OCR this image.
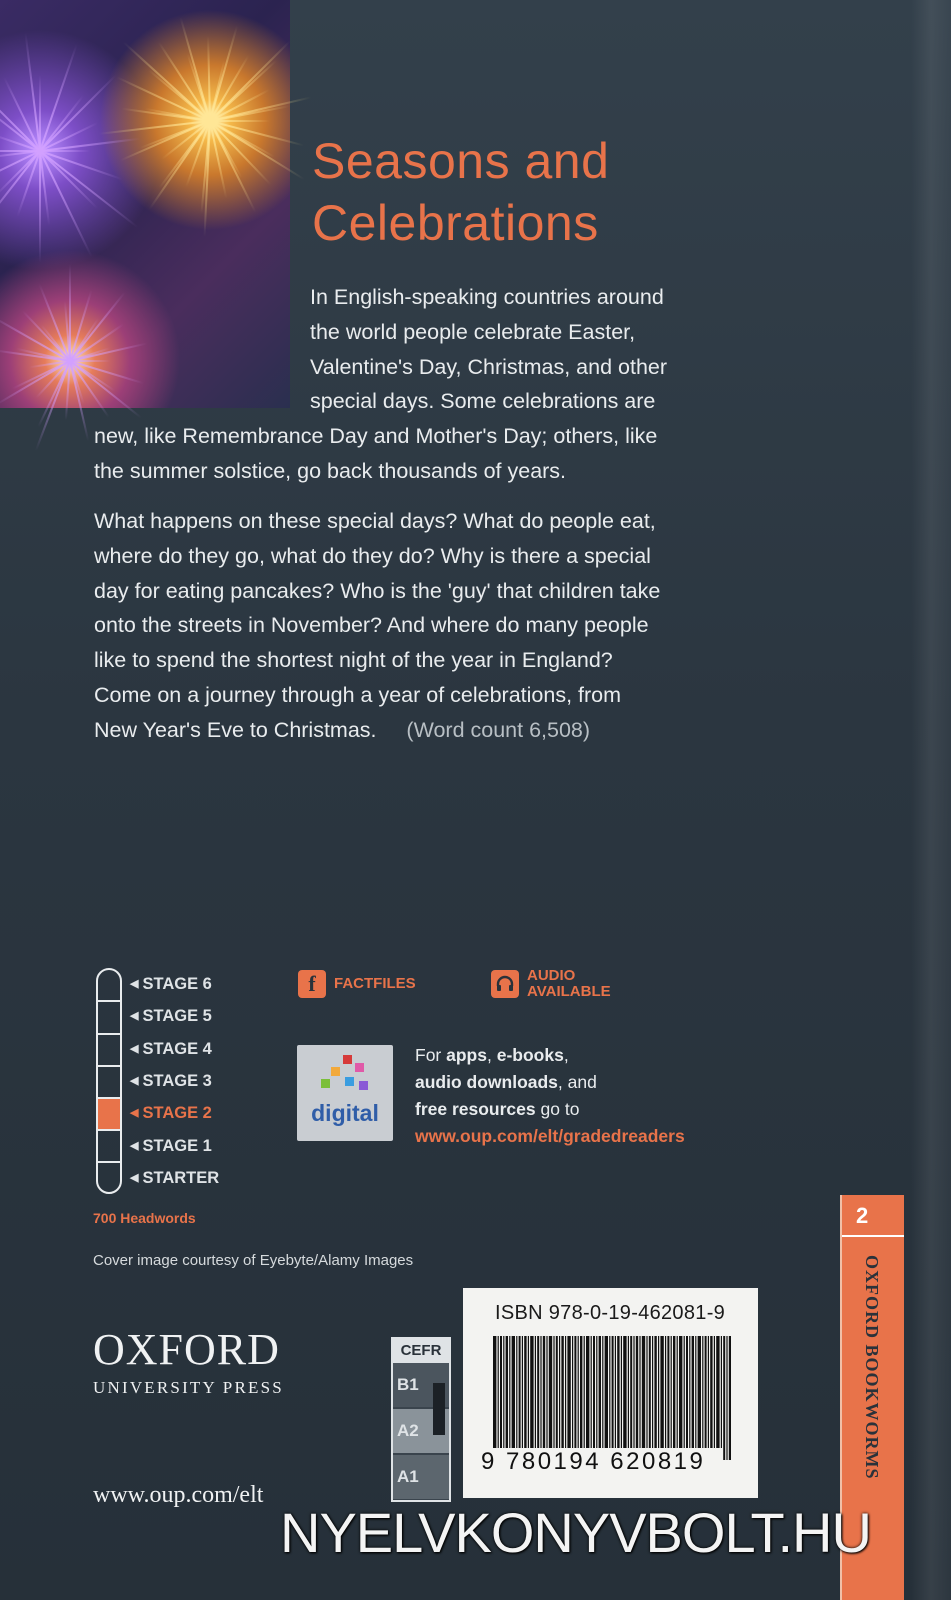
Seasons and
Celebrations
In English-speaking countries around
the world people celebrate Easter,
Valentine's Day, Christmas, and other
special days. Some celebrations are
new, like Remembrance Day and Mother's Day; others, like
the summer solstice, go back thousands of years.
What happens on these special days? What do people eat,
where do they go, what do they do? Why is there a special
day for eating pancakes? Who is the 'guy' that children take
onto the streets in November? And where do many people
like to spend the shortest night of the year in England?
Come on a journey through a year of celebrations, from
New Year's Eve to Christmas. (Word count 6,508)
◀ STAGE 6
◀ STAGE 5
◀ STAGE 4
◀ STAGE 3
◀ STAGE 2
◀ STAGE 1
◀ STARTER
700 Headwords
f	FACTFILES	AUDIO
AVAILABLE
digital
For apps, e-books,
audio downloads, and
free resources go to
www.oup.com/elt/gradedreaders
Cover image courtesy of Eyebyte/Alamy Images
OXFORD
UNIVERSITY PRESS
www.oup.com/elt
CEFR
B1
A2
A1
ISBN 978-0-19-462081-9
9 780194 620819
2
OXFORD BOOKWORMS
NYELVKONYVBOLT.HU
